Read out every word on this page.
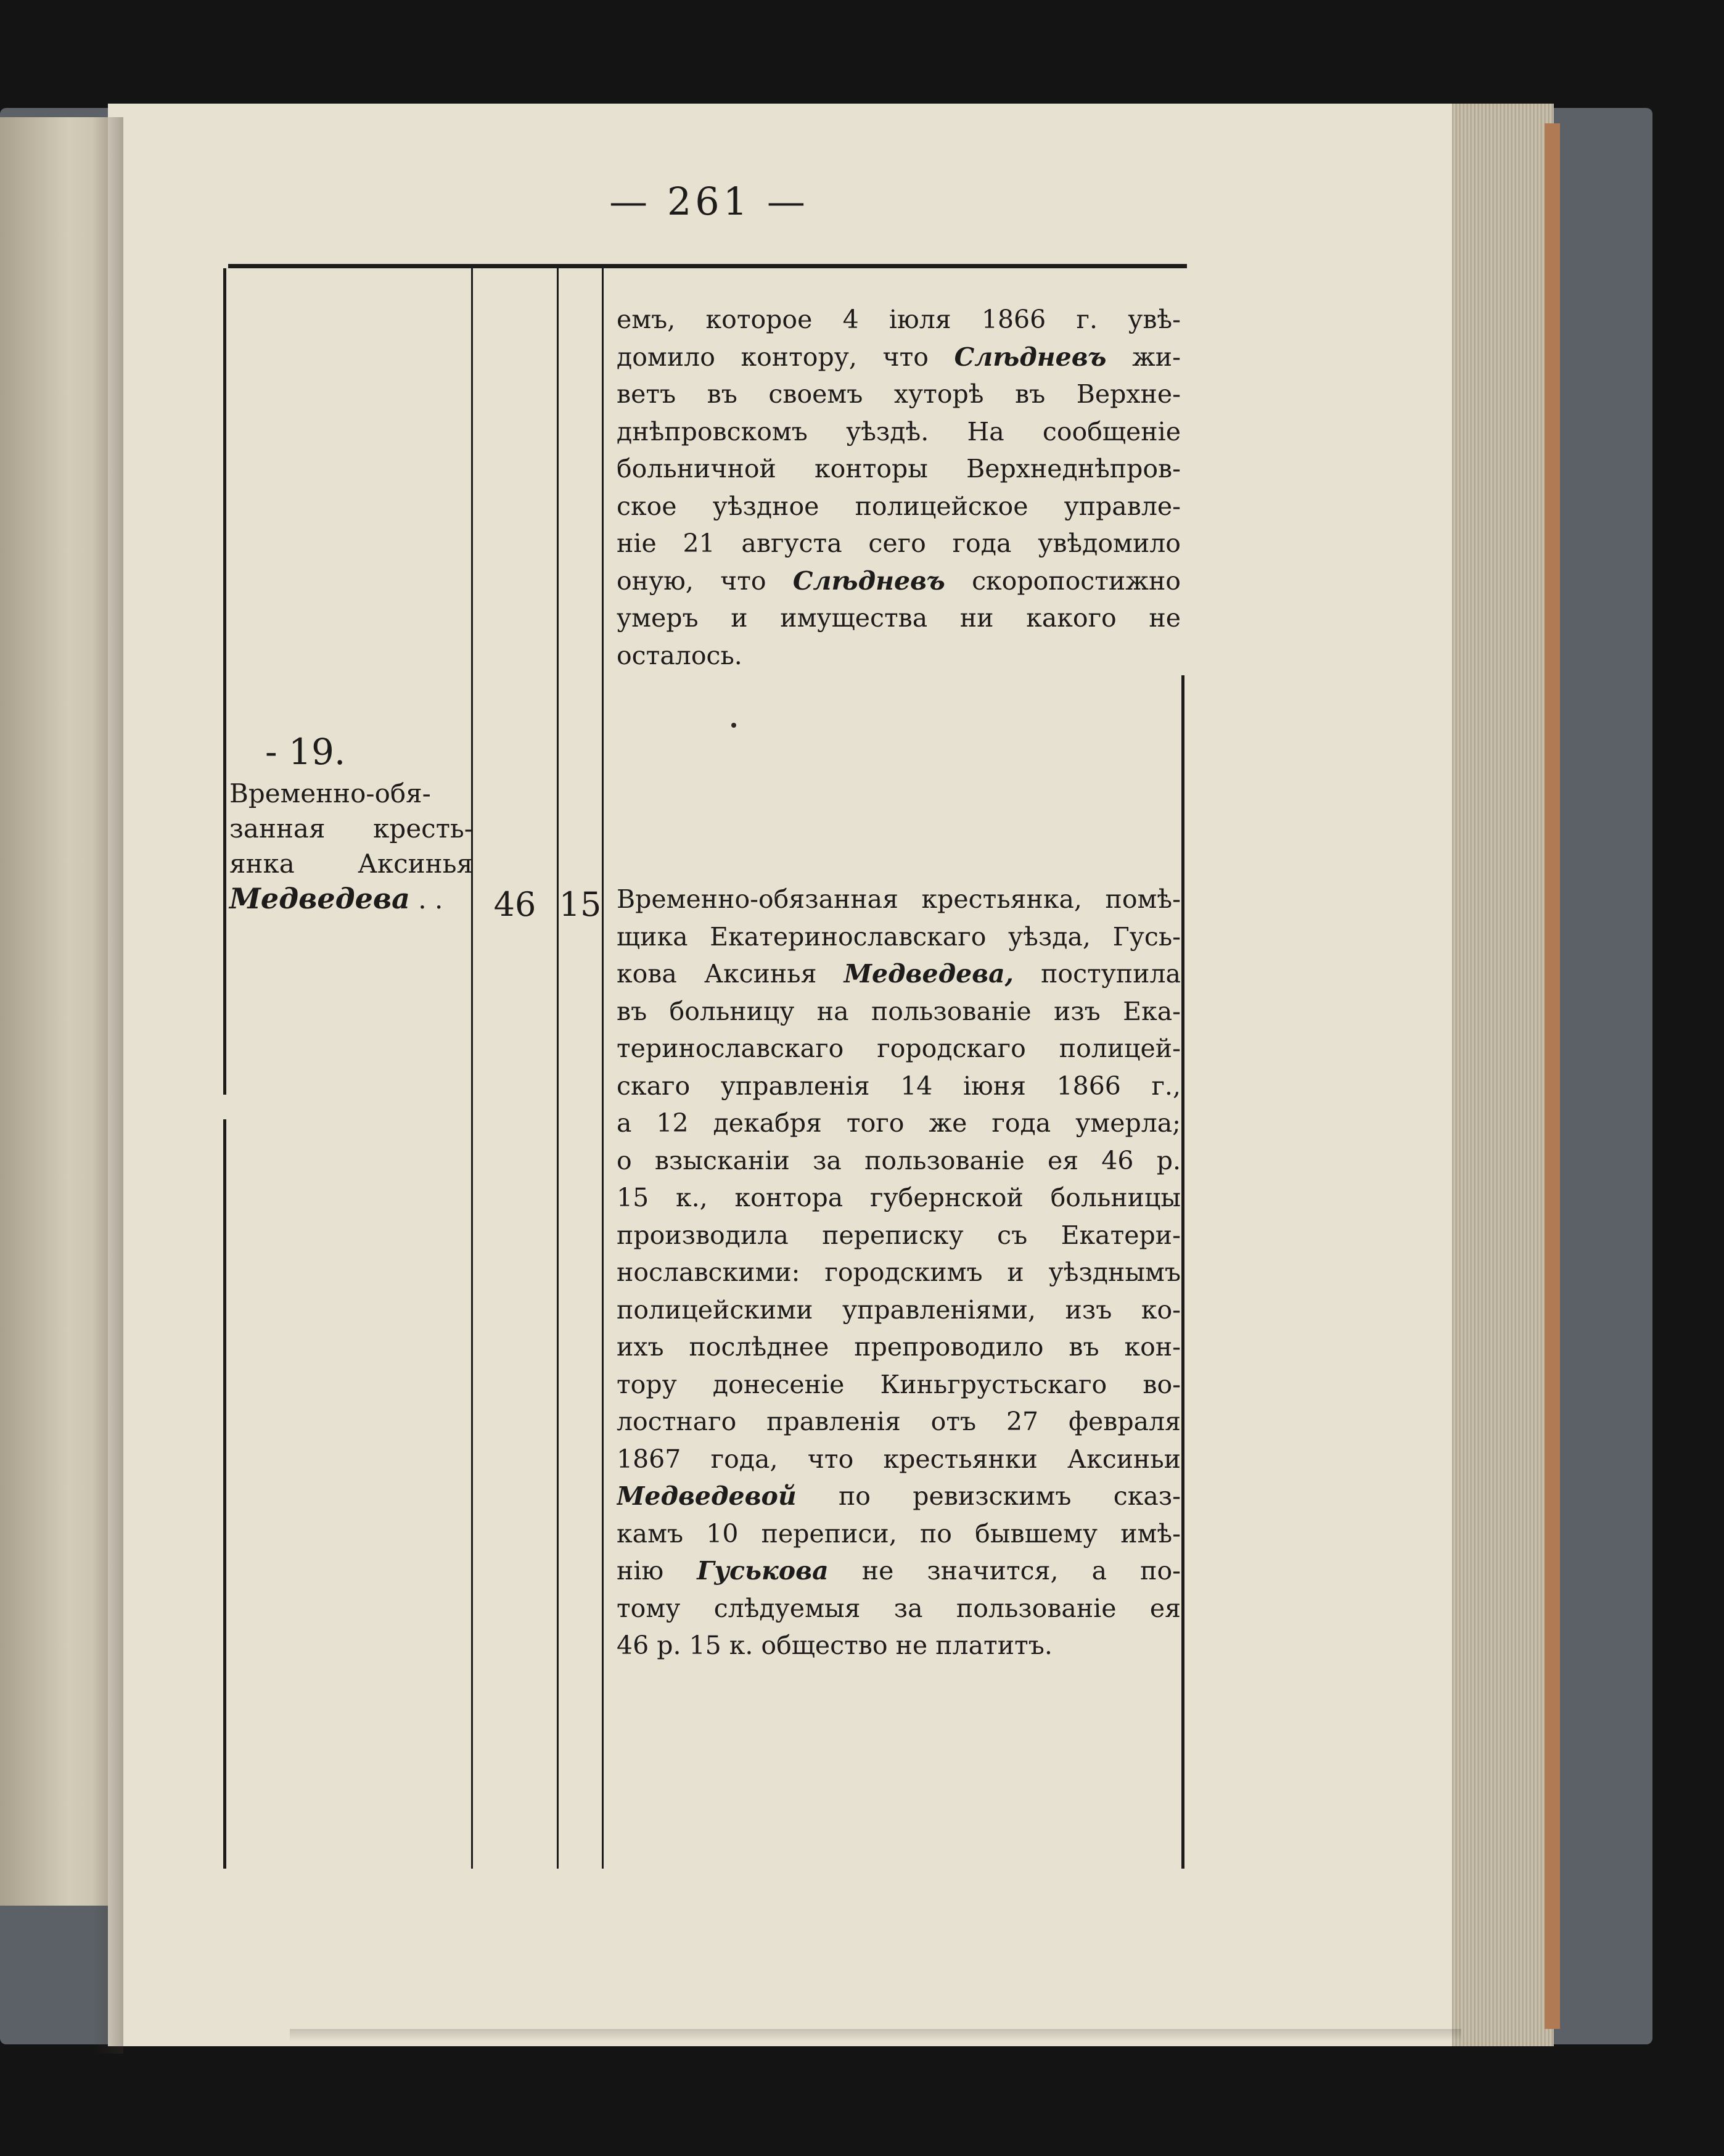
— 261 —
- 19.
Временно-обя-
занная кресть-
янка Аксинья
Медведева . .	46 15
емъ, которое 4 іюля 1866 г. увѣ-
домило контору, что Слѣдневъ жи-
ветъ въ своемъ хуторѣ въ Верхне-
днѣпровскомъ уѣздѣ. На сообщеніе
больничной конторы Верхнеднѣпров-
ское уѣздное полицейское управле-
ніе 21 августа сего года увѣдомило
оную, что Слѣдневъ скоропостижно
умеръ и имущества ни какого не
осталось.
Временно-обязанная крестьянка, помѣ-
щика Екатеринославскаго уѣзда, Гусь-
кова Аксинья Медведева, поступила
въ больницу на пользованіе изъ Ека-
теринославскаго городскаго полицей-
скаго управленія 14 іюня 1866 г.,
а 12 декабря того же года умерла;
о взысканіи за пользованіе ея 46 р.
15 к., контора губернской больницы
производила переписку съ Екатери-
нославскими: городскимъ и уѣзднымъ
полицейскими управленіями, изъ ко-
ихъ послѣднее препроводило въ кон-
тору донесеніе Киньгрустьскаго во-
лостнаго правленія отъ 27 февраля
1867 года, что крестьянки Аксиньи
Медведевой по ревизскимъ сказ-
камъ 10 переписи, по бывшему имѣ-
нію Гуськова не значится, а по-
тому слѣдуемыя за пользованіе ея
46 р. 15 к. общество не платитъ.
